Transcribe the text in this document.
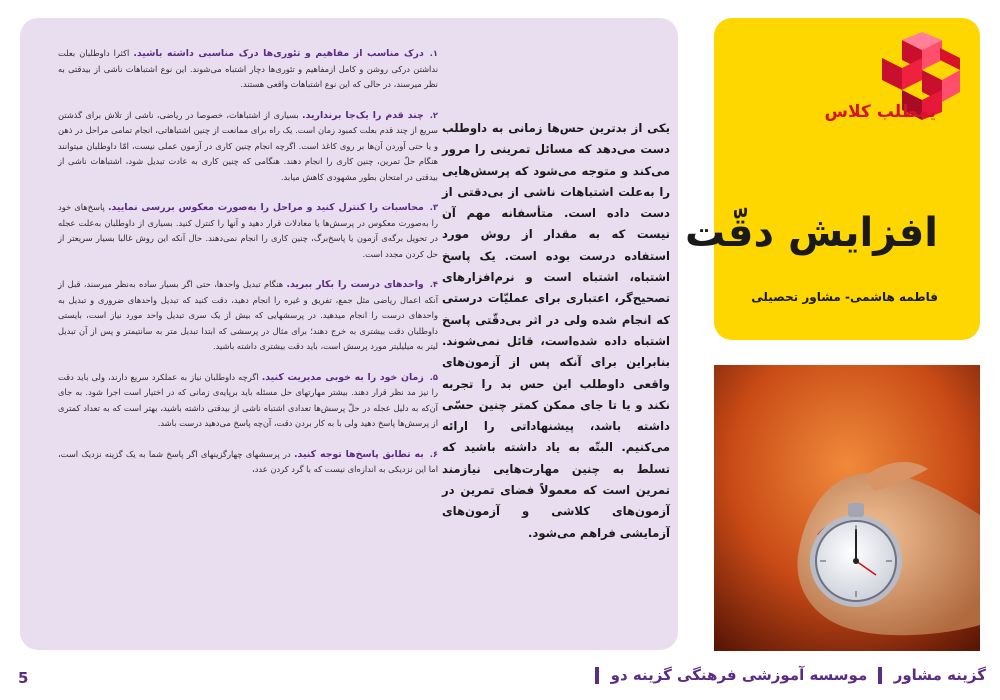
۱.درک مناسب از مفاهیم و تئوری‌ها درک مناسبی داشته باشید. اکثرا داوطلبان بعلت نداشتن درکی روشن و کامل ازمفاهیم و تئوری‌ها دچار اشتباه می‌شوند. این نوع اشتباهات ناشی از بیدقتی به نظر میرسند، در حالی که این نوع اشتباهات واقعی هستند.
۲.چند قدم را یک‌جا برندارید. بسیاری از اشتباهات، خصوصا در ریاضی، ناشی از تلاش برای گذشتن سریع از چند قدم بعلت کمبود زمان است. یک راه برای ممانعت از چنین اشتباهاتی، انجام تمامی مراحل در ذهن و یا حتی آوردن آن‌ها بر روی کاغذ است. اگرچه انجام چنین کاری در آزمون عملی نیست، امّا داوطلبان میتوانند هنگام حلّ تمرین، چنین کاری را انجام دهند. هنگامی که چنین کاری به عادت تبدیل شود، اشتباهات ناشی از بیدقتی در امتحان بطور مشهودی کاهش میابد.
۳.محاسبات را کنترل کنید و مراحل را به‌صورت معکوس بررسی نمایید. پاسخ‌های خود را به‌صورت معکوس در پرسش‌ها یا معادلات قرار دهید و آنها را کنترل کنید. بسیاری از داوطلبان به‌علت عجله در تحویل برگه‌ی آزمون یا پاسخ‌برگ، چنین کاری را انجام نمی‌دهند. حال آنکه این روش غالبا بسیار سریعتر از حل کردن مجدد است.
۴.واحدهای درست را بکار ببرید. هنگام تبدیل واحدها، حتی اگر بسیار ساده به‌نظر میرسند، قبل از آنکه اعمال ریاضی مثل جمع، تفریق و غیره را انجام دهید، دقت کنید که تبدیل واحدهای ضروری و تبدیل به واحدهای درست را انجام میدهید. در پرسشهایی که بیش از یک سری تبدیل واحد مورد نیاز است، بایستی داوطلبان دقت بیشتری به خرج دهند؛ برای مثال در پرسشی که ابتدا تبدیل متر به سانتیمتر و پس از آن تبدیل لیتر به میلیلیتر مورد پرسش است، باید دقت بیشتری داشته باشید.
۵.زمان خود را به خوبی مدیریت کنید. اگرچه داوطلبان نیاز به عملکرد سریع دارند، ولی باید دقت را نیز مد نظر قرار دهند. بیشتر مهارتهای حل مسئله باید برپایه‌ی زمانی که در اختیار است اجرا شود. به جای آن‌که به دلیل عجله در حلّ پرسش‌ها تعدادی اشتباه ناشی از بیدقتی داشته باشید، بهتر است که به تعداد کمتری از پرسش‌ها پاسخ دهید ولی با به کار بردن دقت، آن‌چه پاسخ می‌دهید درست باشد.
۶.به تطابق پاسخ‌ها توجه کنید. در پرسشهای چهارگزینهای اگر پاسخ شما به یک گزینه نزدیک است، اما این نزدیکی به اندازه‌ای نیست که با گرد کردن عدد،
یکی از بدترین حس‌ها زمانی به داوطلب دست می‌دهد که مسائل تمرینی را مرور می‌کند و متوجه می‌شود که پرسش‌هایی را به‌علت اشتباهات ناشی از بی‌دقتی از دست داده است. متأسفانه مهم آن نیست که به مقدار از روش مورد استفاده درست بوده است. یک پاسخ اشتباه، اشتباه است و نرم‌افزارهای تصحیح‌گر، اعتباری برای عملیّات درستی که انجام شده ولی در اثر بی‌دقّتی پاسخ اشتباه داده شده‌است، قائل نمی‌شوند. بنابراین برای آنکه پس از آزمون‌های واقعی داوطلب این حس بد را تجربه نکند و یا تا جای ممکن کمتر چنین حسّی داشته باشد، پیشنهاداتی را ارائه می‌کنیم. البتّه به یاد داشته باشید که تسلط به چنین مهارت‌هایی نیازمند تمرین است که معمولاً فضای تمرین در آزمون‌های کلاشی و آزمون‌های آزمایشی فراهم می‌شود.
یمطلب کلاس
افزایش دقّت
فاطمه هاشمی- مشاور تحصیلی
5	گزینه مشاور  موسسه آموزشی فرهنگی گزینه دو
